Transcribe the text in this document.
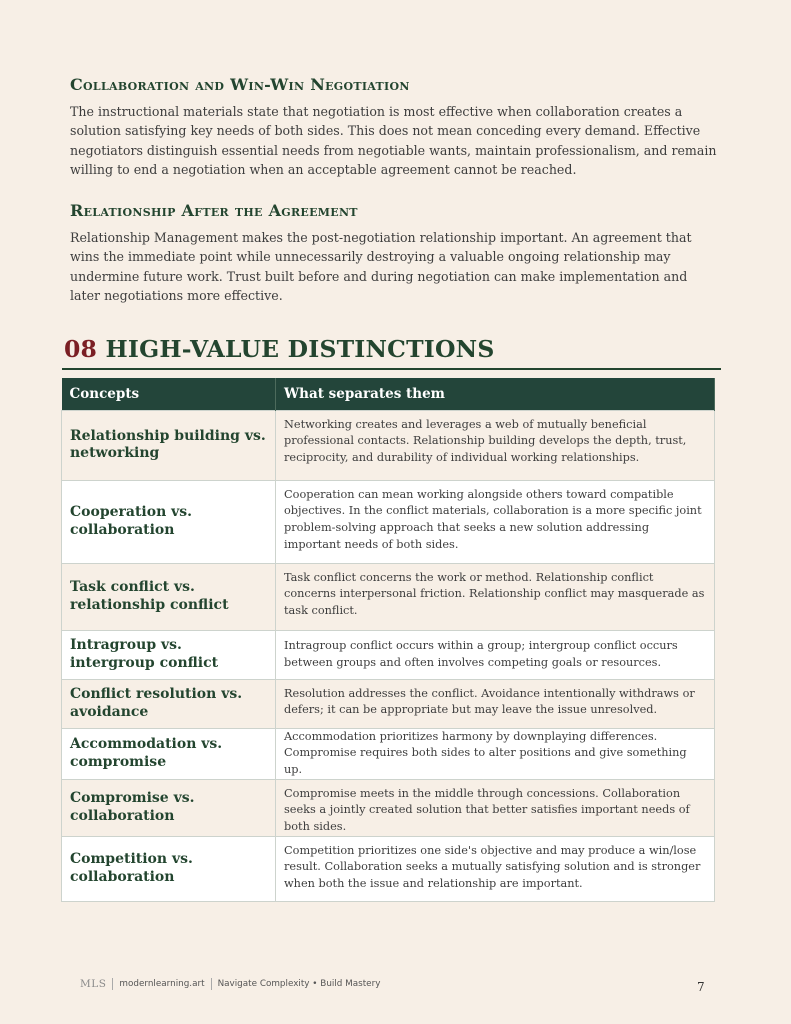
Collaboration and Win-Win Negotiation

The instructional materials state that negotiation is most effective when collaboration creates a solution satisfying key needs of both sides. This does not mean conceding every demand. Effective negotiators distinguish essential needs from negotiable wants, maintain professionalism, and remain willing to end a negotiation when an acceptable agreement cannot be reached.

Relationship After the Agreement

Relationship Management makes the post-negotiation relationship important. An agreement that wins the immediate point while unnecessarily destroying a valuable ongoing relationship may undermine future work. Trust built before and during negotiation can make implementation and later negotiations more effective.

08 HIGH-VALUE DISTINCTIONS
Concepts	What separates them
Relationship building vs. networking	Networking creates and leverages a web of mutually beneficial professional contacts. Relationship building develops the depth, trust, reciprocity, and durability of individual working relationships.
Cooperation vs. collaboration	Cooperation can mean working alongside others toward compatible objectives. In the conflict materials, collaboration is a more specific joint problem-solving approach that seeks a new solution addressing important needs of both sides.
Task conflict vs. relationship conflict	Task conflict concerns the work or method. Relationship conflict concerns interpersonal friction. Relationship conflict may masquerade as task conflict.
Intragroup vs. intergroup conflict	Intragroup conflict occurs within a group; intergroup conflict occurs between groups and often involves competing goals or resources.
Conflict resolution vs. avoidance	Resolution addresses the conflict. Avoidance intentionally withdraws or defers; it can be appropriate but may leave the issue unresolved.
Accommodation vs. compromise	Accommodation prioritizes harmony by downplaying differences. Compromise requires both sides to alter positions and give something up.
Compromise vs. collaboration	Compromise meets in the middle through concessions. Collaboration seeks a jointly created solution that better satisfies important needs of both sides.
Competition vs. collaboration	Competition prioritizes one side's objective and may produce a win/lose result. Collaboration seeks a mutually satisfying solution and is stronger when both the issue and relationship are important.
MLS modernlearning.art Navigate Complexity • Build Mastery	7
